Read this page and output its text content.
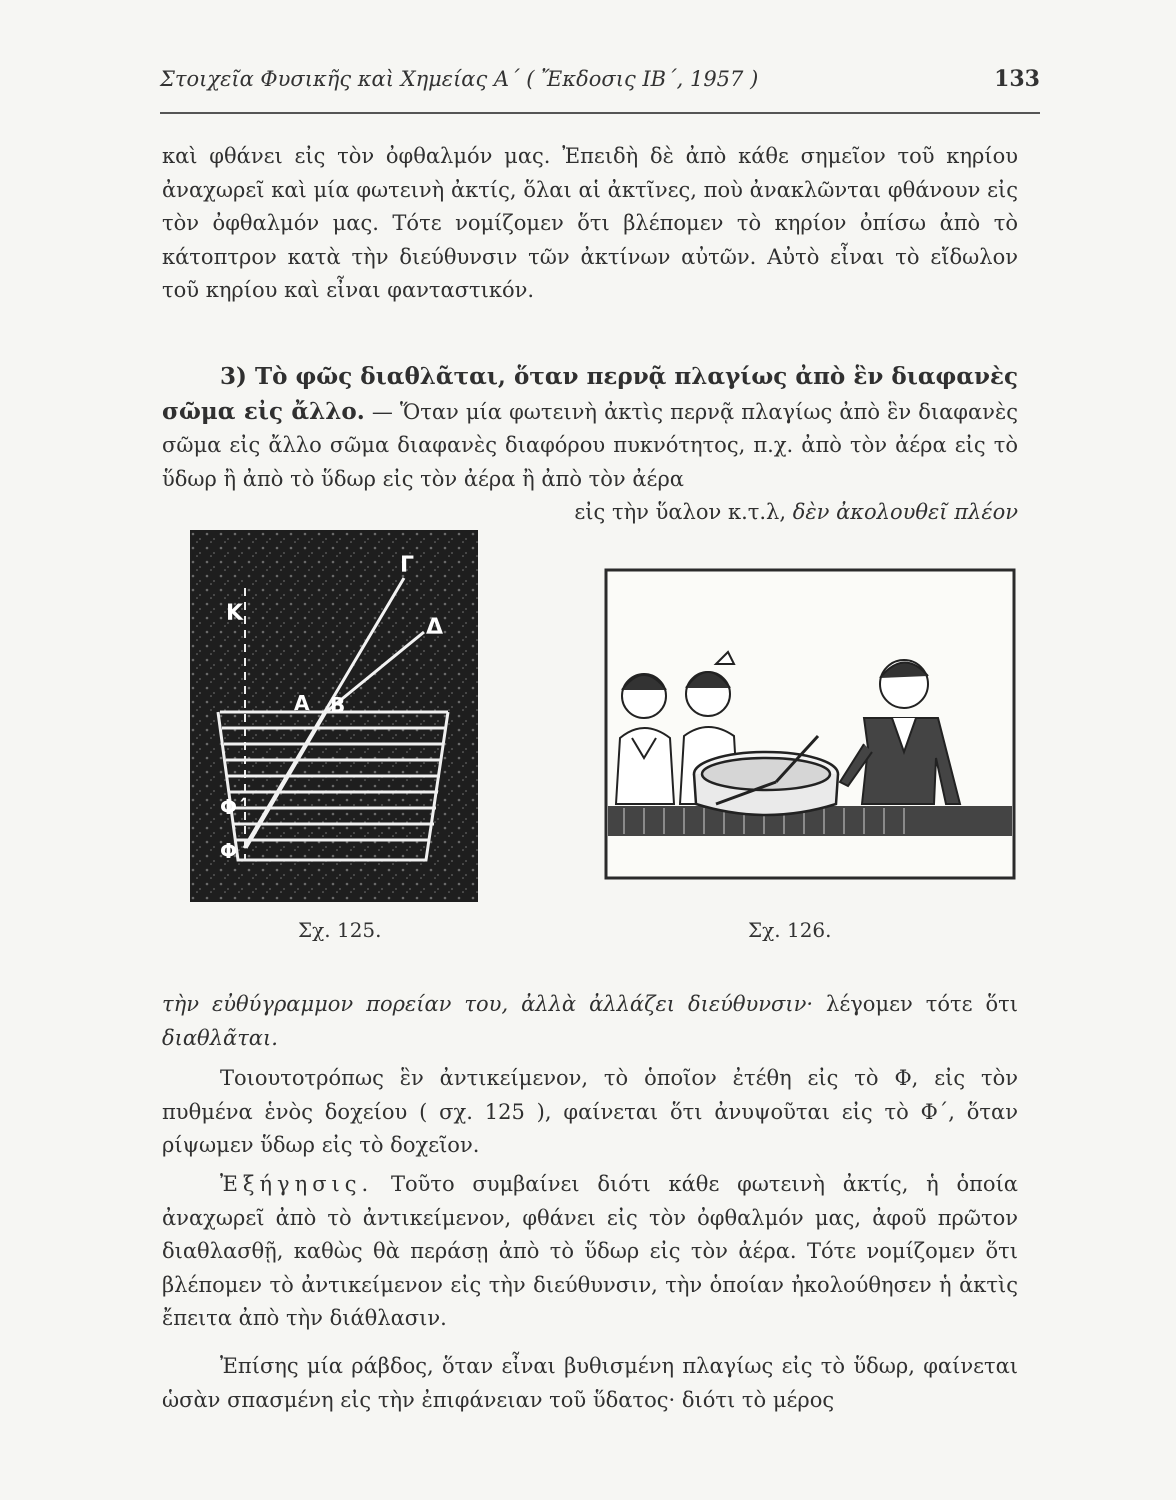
Στοιχεῖα Φυσικῆς καὶ Χημείας Α΄ ( Ἔκδοσις ΙΒ΄, 1957 )	133

καὶ φθάνει εἰς τὸν ὀφθαλμόν μας. Ἐπειδὴ δὲ ἀπὸ κάθε σημεῖον τοῦ κηρίου ἀναχωρεῖ καὶ μία φωτεινὴ ἀκτίς, ὅλαι αἱ ἀκτῖνες, ποὺ ἀνακλῶνται φθάνουν εἰς τὸν ὀφθαλμόν μας. Τότε νομίζομεν ὅτι βλέπομεν τὸ κηρίον ὀπίσω ἀπὸ τὸ κάτοπτρον κατὰ τὴν διεύθυνσιν τῶν ἀκτίνων αὐτῶν. Αὐτὸ εἶναι τὸ εἴδωλον τοῦ κηρίου καὶ εἶναι φανταστικόν.

3) Τὸ φῶς διαθλᾶται, ὅταν περνᾷ πλαγίως ἀπὸ ἓν διαφανὲς σῶμα εἰς ἄλλο. — Ὅταν μία φωτεινὴ ἀκτὶς περνᾷ πλαγίως ἀπὸ ἓν διαφανὲς σῶμα εἰς ἄλλο σῶμα διαφανὲς διαφόρου πυκνότητος, π.χ. ἀπὸ τὸν ἀέρα εἰς τὸ ὕδωρ ἢ ἀπὸ τὸ ὕδωρ εἰς τὸν ἀέρα ἢ ἀπὸ τὸν ἀέρα

εἰς τὴν ὕαλον κ.τ.λ, δὲν ἀκολουθεῖ πλέον

Κ
Γ
Δ
Α Β
Φ΄
Φ
Σχ. 125.	Σχ. 126.

τὴν εὐθύγραμμον πορείαν του, ἀλλὰ ἀλλάζει διεύθυνσιν· λέγομεν τότε ὅτι διαθλᾶται.

Τοιουτοτρόπως ἓν ἀντικείμενον, τὸ ὁποῖον ἐτέθη εἰς τὸ Φ, εἰς τὸν πυθμένα ἑνὸς δοχείου ( σχ. 125 ), φαίνεται ὅτι ἀνυψοῦται εἰς τὸ Φ΄, ὅταν ρίψωμεν ὕδωρ εἰς τὸ δοχεῖον.

Ἐξήγησις. Τοῦτο συμβαίνει διότι κάθε φωτεινὴ ἀκτίς, ἡ ὁποία ἀναχωρεῖ ἀπὸ τὸ ἀντικείμενον, φθάνει εἰς τὸν ὀφθαλμόν μας, ἀφοῦ πρῶτον διαθλασθῇ, καθὼς θὰ περάσῃ ἀπὸ τὸ ὕδωρ εἰς τὸν ἀέρα. Τότε νομίζομεν ὅτι βλέπομεν τὸ ἀντικείμενον εἰς τὴν διεύθυνσιν, τὴν ὁποίαν ἠκολούθησεν ἡ ἀκτὶς ἔπειτα ἀπὸ τὴν διάθλασιν.

Ἐπίσης μία ράβδος, ὅταν εἶναι βυθισμένη πλαγίως εἰς τὸ ὕδωρ, φαίνεται ὡσὰν σπασμένη εἰς τὴν ἐπιφάνειαν τοῦ ὕδατος· διότι τὸ μέρος
